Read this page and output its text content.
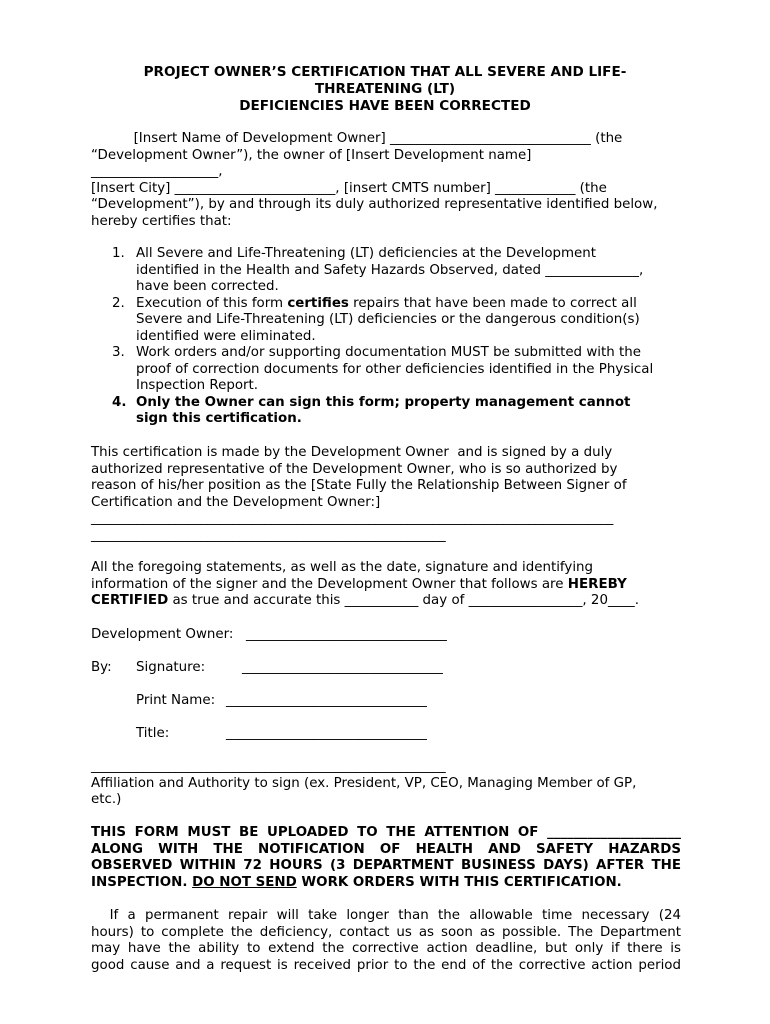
PROJECT OWNER’S CERTIFICATION THAT ALL SEVERE AND LIFE-
THREATENING (LT)
DEFICIENCIES HAVE BEEN CORRECTED
[Insert Name of Development Owner] ______________________________ (the
“Development Owner”), the owner of [Insert Development name]
___________________,
[Insert City] ________________________, [insert CMTS number] ____________ (the
“Development”), by and through its duly authorized representative identified below,
hereby certifies that:
1. All Severe and Life-Threatening (LT) deficiencies at the Development
identified in the Health and Safety Hazards Observed, dated ______________,
have been corrected.
2. Execution of this form certifies repairs that have been made to correct all
Severe and Life-Threatening (LT) deficiencies or the dangerous condition(s)
identified were eliminated.
3. Work orders and/or supporting documentation MUST be submitted with the
proof of correction documents for other deficiencies identified in the Physical
Inspection Report.
4. Only the Owner can sign this form; property management cannot
sign this certification.
This certification is made by the Development Owner  and is signed by a duly
authorized representative of the Development Owner, who is so authorized by
reason of his/her position as the [State Fully the Relationship Between Signer of
Certification and the Development Owner:]
_________________________________________________________________________________
_______________________________________________________
All the foregoing statements, as well as the date, signature and identifying
information of the signer and the Development Owner that follows are HEREBY
CERTIFIED as true and accurate this ___________ day of _________________, 20____.
Development Owner: ______________________________
By: Signature:	______________________________
Print Name: ______________________________
Title:	______________________________
_______________________________________________________
Affiliation and Authority to sign (ex. President, VP, CEO, Managing Member of GP,
etc.)
THIS FORM MUST BE UPLOADED TO THE ATTENTION OF ____________________
ALONG WITH THE NOTIFICATION OF HEALTH AND SAFETY HAZARDS
OBSERVED WITHIN 72 HOURS (3 DEPARTMENT BUSINESS DAYS) AFTER THE
INSPECTION. DO NOT SEND WORK ORDERS WITH THIS CERTIFICATION.
If a permanent repair will take longer than the allowable time necessary (24
hours) to complete the deficiency, contact us as soon as possible. The Department
may have the ability to extend the corrective action deadline, but only if there is
good cause and a request is received prior to the end of the corrective action period
